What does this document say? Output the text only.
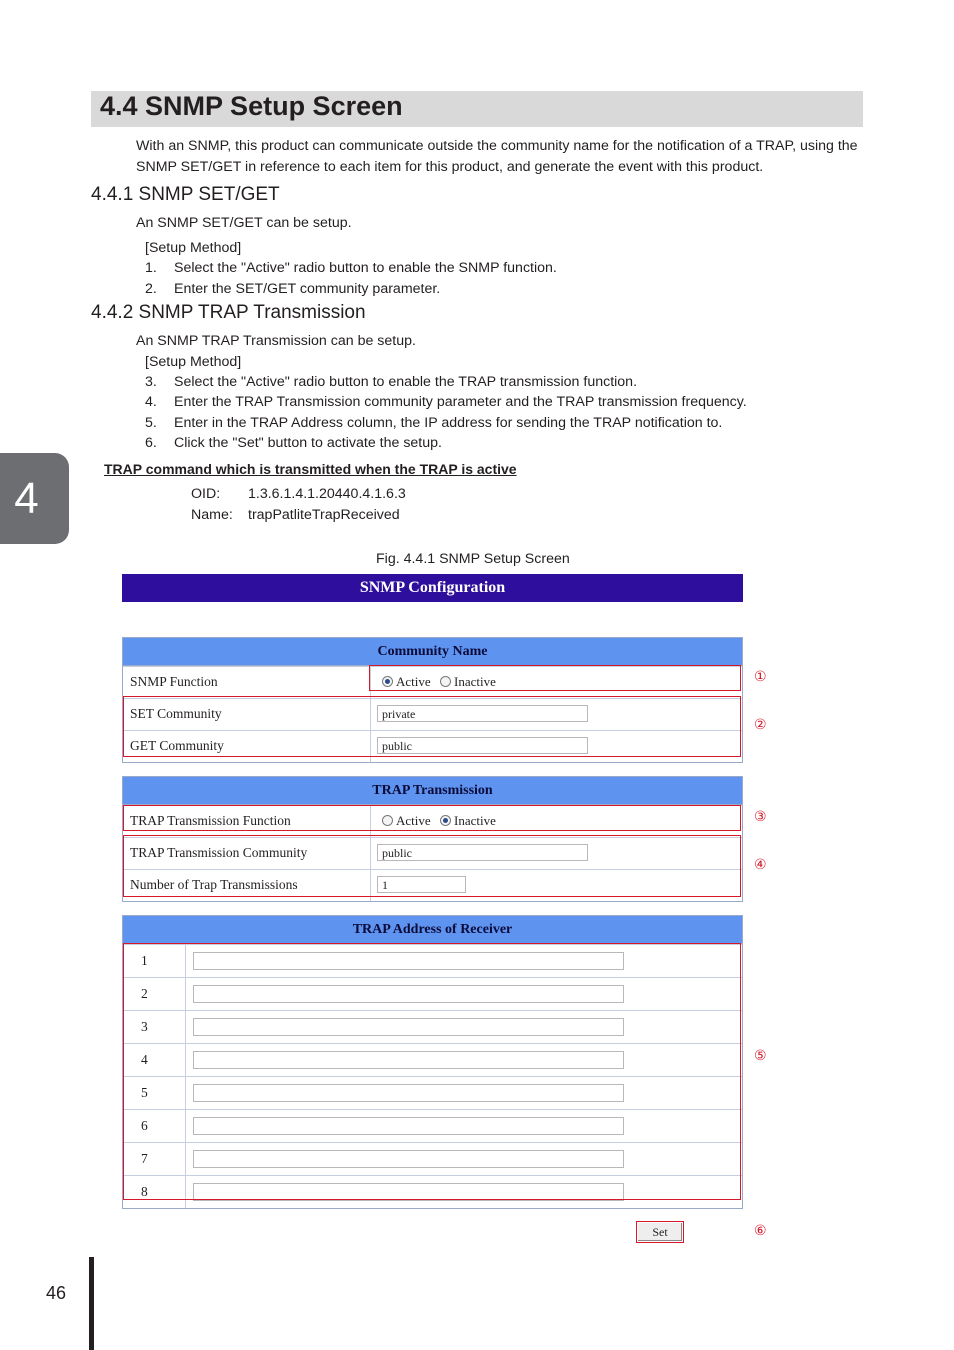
4.4 SNMP Setup Screen
With an SNMP, this product can communicate outside the community name for the notification of a TRAP, using the SNMP SET/GET in reference to each item for this product, and generate the event with this product.
4.4.1 SNMP SET/GET
An SNMP SET/GET can be setup.
[Setup Method]
1. Select the "Active" radio button to enable the SNMP function.
2. Enter the SET/GET community parameter.
4.4.2 SNMP TRAP Transmission
An SNMP TRAP Transmission can be setup.
[Setup Method]
3. Select the "Active" radio button to enable the TRAP transmission function.
4. Enter the TRAP Transmission community parameter and the TRAP transmission frequency.
5. Enter in the TRAP Address column, the IP address for sending the TRAP notification to.
6. Click the "Set" button to activate the setup.
TRAP command which is transmitted when the TRAP is active
OID: 1.3.6.1.4.1.20440.4.1.6.3
Name: trapPatliteTrapReceived
4
Fig. 4.4.1 SNMP Setup Screen
SNMP Configuration
Community Name
SNMP Function	Active Inactive
SET Community	private
GET Community	public
TRAP Transmission
TRAP Transmission Function	Active Inactive
TRAP Transmission Community	public
Number of Trap Transmissions	1
TRAP Address of Receiver
1
2
3
4
5
6
7
8
Set
①
②
③
④
⑤
⑥
46
